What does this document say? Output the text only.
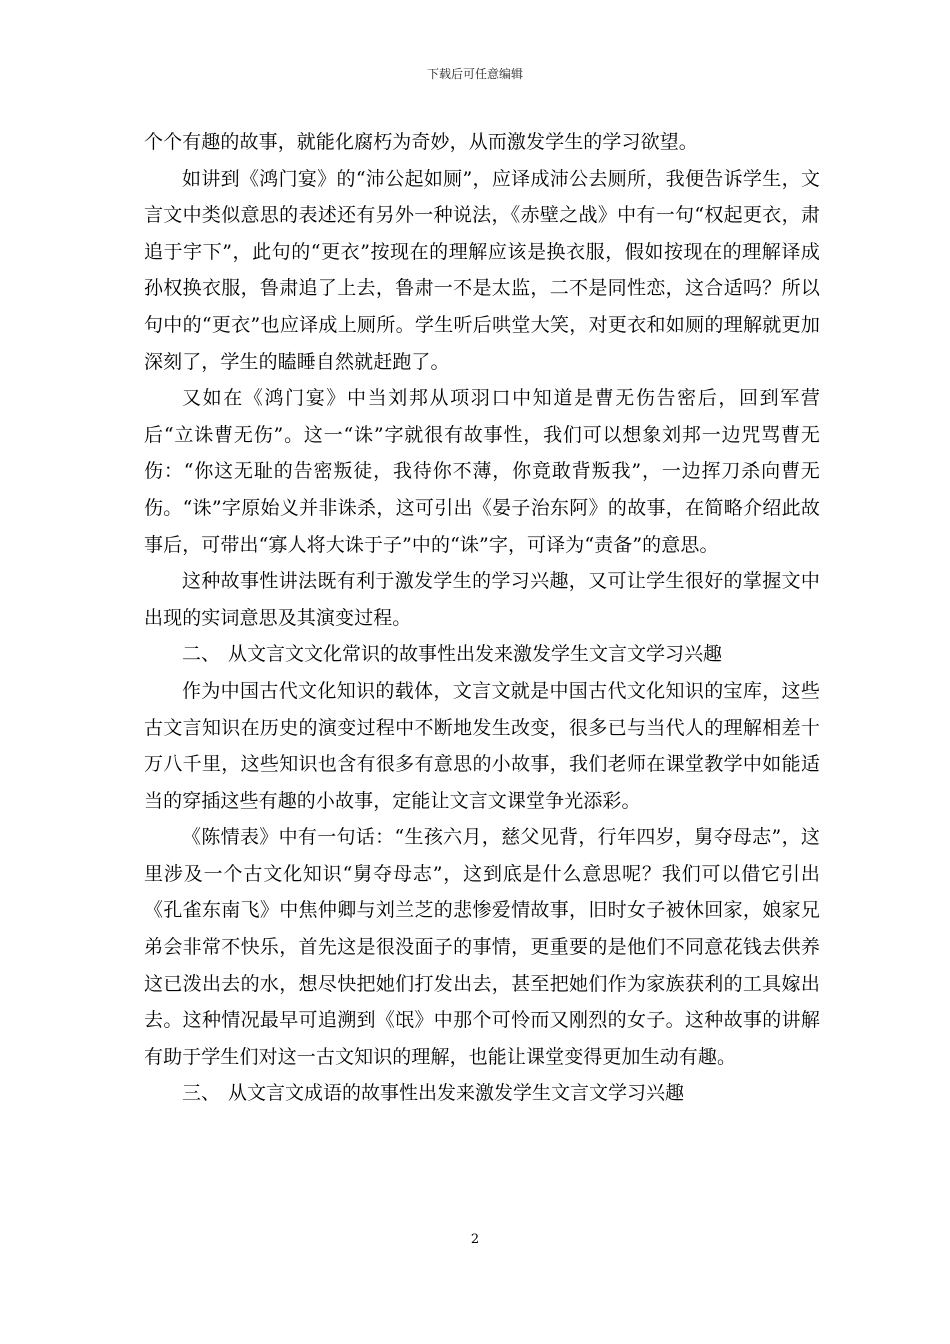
下载后可任意编辑

个个有趣的故事，就能化腐朽为奇妙，从而激发学生的学习欲望。

如讲到《鸿门宴》的“沛公起如厕”，应译成沛公去厕所，我便告诉学生，文言文中类似意思的表述还有另外一种说法，《赤壁之战》中有一句“权起更衣，肃追于宇下”，此句的“更衣”按现在的理解应该是换衣服，假如按现在的理解译成孙权换衣服，鲁肃追了上去，鲁肃一不是太监，二不是同性恋，这合适吗？所以句中的“更衣”也应译成上厕所。学生听后哄堂大笑，对更衣和如厕的理解就更加深刻了，学生的瞌睡自然就赶跑了。

又如在《鸿门宴》中当刘邦从项羽口中知道是曹无伤告密后，回到军营后“立诛曹无伤”。这一“诛”字就很有故事性，我们可以想象刘邦一边咒骂曹无伤：“你这无耻的告密叛徒，我待你不薄，你竟敢背叛我”，一边挥刀杀向曹无伤。“诛”字原始义并非诛杀，这可引出《晏子治东阿》的故事，在简略介绍此故事后，可带出“寡人将大诛于子”中的“诛”字，可译为“责备”的意思。

这种故事性讲法既有利于激发学生的学习兴趣，又可让学生很好的掌握文中出现的实词意思及其演变过程。

二、 从文言文文化常识的故事性出发来激发学生文言文学习兴趣

作为中国古代文化知识的载体，文言文就是中国古代文化知识的宝库，这些古文言知识在历史的演变过程中不断地发生改变，很多已与当代人的理解相差十万八千里，这些知识也含有很多有意思的小故事，我们老师在课堂教学中如能适当的穿插这些有趣的小故事，定能让文言文课堂争光添彩。

《陈情表》中有一句话：“生孩六月，慈父见背，行年四岁，舅夺母志”，这里涉及一个古文化知识“舅夺母志”，这到底是什么意思呢？我们可以借它引出《孔雀东南飞》中焦仲卿与刘兰芝的悲惨爱情故事，旧时女子被休回家，娘家兄弟会非常不快乐，首先这是很没面子的事情，更重要的是他们不同意花钱去供养这已泼出去的水，想尽快把她们打发出去，甚至把她们作为家族获利的工具嫁出去。这种情况最早可追溯到《氓》中那个可怜而又刚烈的女子。这种故事的讲解有助于学生们对这一古文知识的理解，也能让课堂变得更加生动有趣。

三、 从文言文成语的故事性出发来激发学生文言文学习兴趣

2
